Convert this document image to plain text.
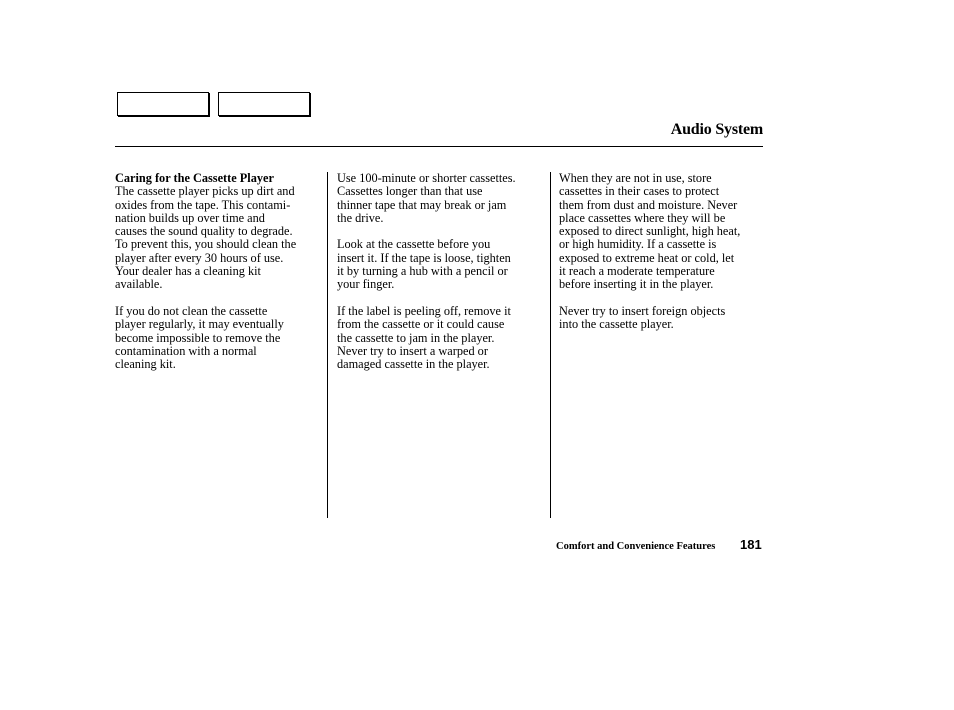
Audio System
Caring for the Cassette Player
The cassette player picks up dirt and
oxides from the tape. This contami-
nation builds up over time and
causes the sound quality to degrade.
To prevent this, you should clean the
player after every 30 hours of use.
Your dealer has a cleaning kit
available.
If you do not clean the cassette
player regularly, it may eventually
become impossible to remove the
contamination with a normal
cleaning kit.
Use 100-minute or shorter cassettes.
Cassettes longer than that use
thinner tape that may break or jam
the drive.
Look at the cassette before you
insert it. If the tape is loose, tighten
it by turning a hub with a pencil or
your finger.
If the label is peeling off, remove it
from the cassette or it could cause
the cassette to jam in the player.
Never try to insert a warped or
damaged cassette in the player.
When they are not in use, store
cassettes in their cases to protect
them from dust and moisture. Never
place cassettes where they will be
exposed to direct sunlight, high heat,
or high humidity. If a cassette is
exposed to extreme heat or cold, let
it reach a moderate temperature
before inserting it in the player.
Never try to insert foreign objects
into the cassette player.
Comfort and Convenience Features 181
